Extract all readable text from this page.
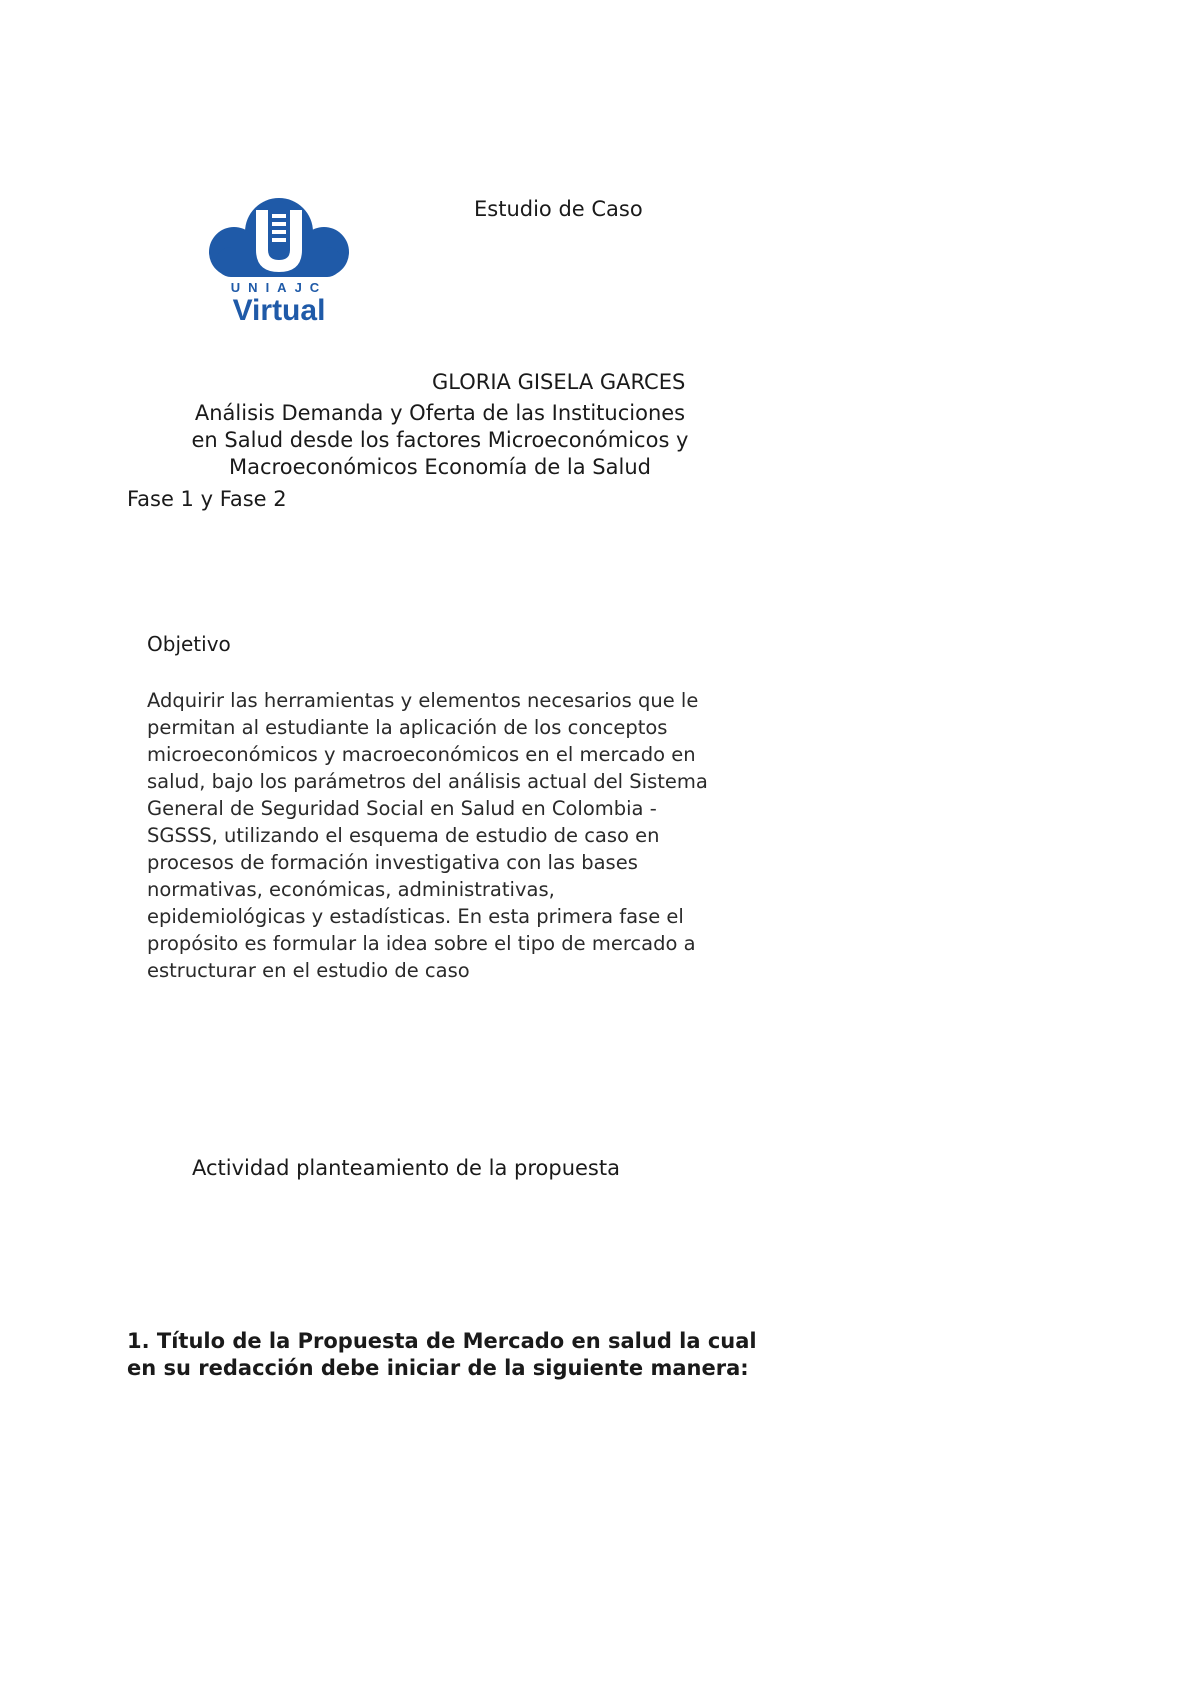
UNIAJC
Virtual
Estudio de Caso
GLORIA GISELA GARCES
Análisis Demanda y Oferta de las Instituciones
en Salud desde los factores Microeconómicos y
Macroeconómicos Economía de la Salud
Fase 1 y Fase 2
Objetivo
Adquirir las herramientas y elementos necesarios que le
permitan al estudiante la aplicación de los conceptos
microeconómicos y macroeconómicos en el mercado en
salud, bajo los parámetros del análisis actual del Sistema
General de Seguridad Social en Salud en Colombia -
SGSSS, utilizando el esquema de estudio de caso en
procesos de formación investigativa con las bases
normativas, económicas, administrativas,
epidemiológicas y estadísticas. En esta primera fase el
propósito es formular la idea sobre el tipo de mercado a
estructurar en el estudio de caso
Actividad planteamiento de la propuesta
1. Título de la Propuesta de Mercado en salud la cual
en su redacción debe iniciar de la siguiente manera:
